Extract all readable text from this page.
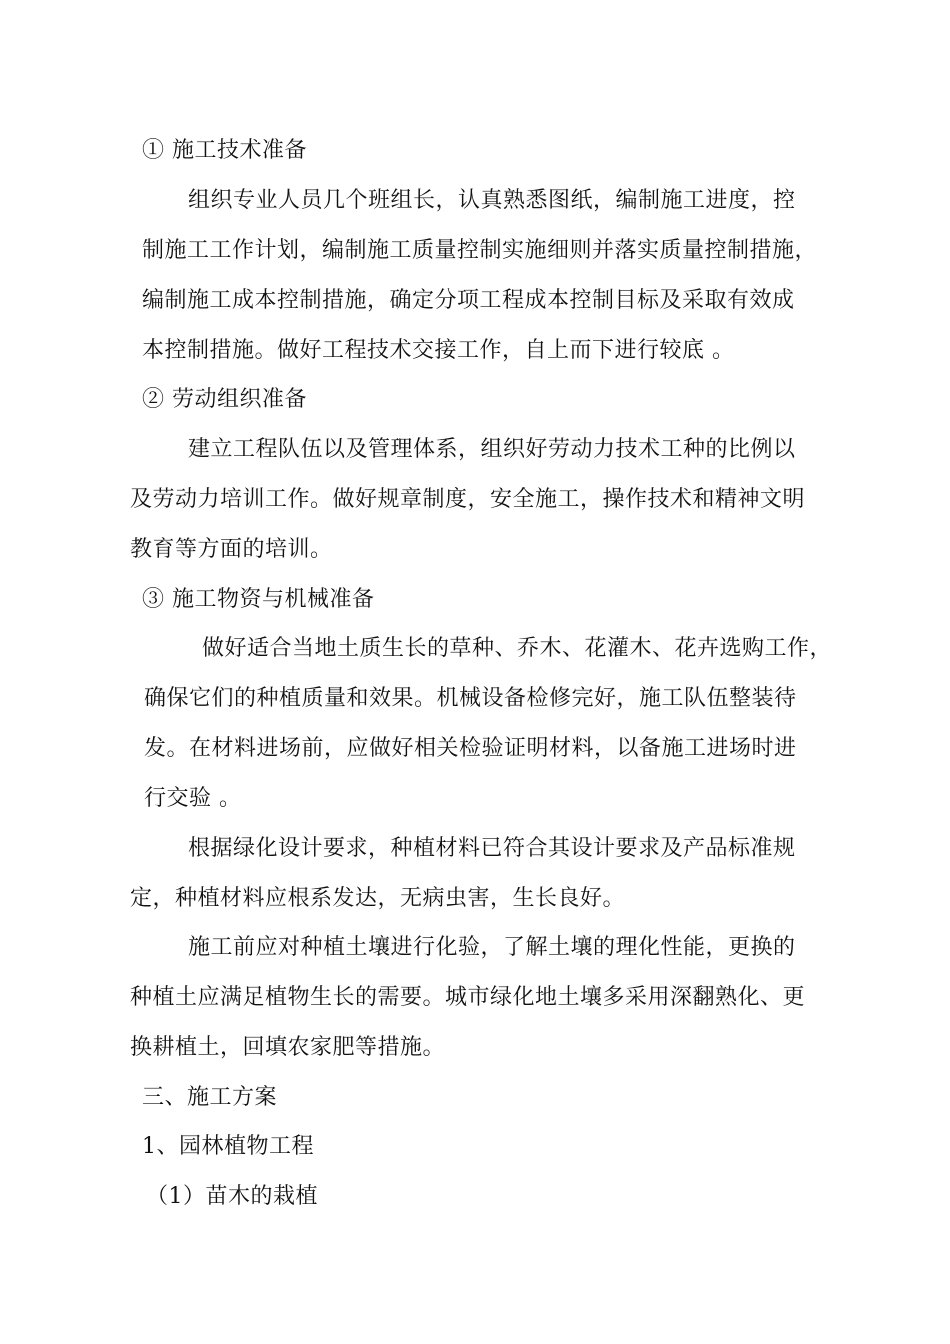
① 施工技术准备
组织专业人员几个班组长，认真熟悉图纸，编制施工进度，控
制施工工作计划，编制施工质量控制实施细则并落实质量控制措施，
编制施工成本控制措施，确定分项工程成本控制目标及采取有效成
本控制措施。做好工程技术交接工作，自上而下进行较底 。
② 劳动组织准备
建立工程队伍以及管理体系，组织好劳动力技术工种的比例以
及劳动力培训工作。做好规章制度，安全施工，操作技术和精神文明
教育等方面的培训。
③ 施工物资与机械准备
做好适合当地土质生长的草种、乔木、花灌木、花卉选购工作，
确保它们的种植质量和效果。机械设备检修完好，施工队伍整装待
发。在材料进场前，应做好相关检验证明材料，以备施工进场时进
行交验 。
根据绿化设计要求，种植材料已符合其设计要求及产品标准规
定，种植材料应根系发达，无病虫害，生长良好。
施工前应对种植土壤进行化验，了解土壤的理化性能，更换的
种植土应满足植物生长的需要。城市绿化地土壤多采用深翻熟化、更
换耕植土，回填农家肥等措施。
三、施工方案
1、园林植物工程
（1）苗木的栽植
